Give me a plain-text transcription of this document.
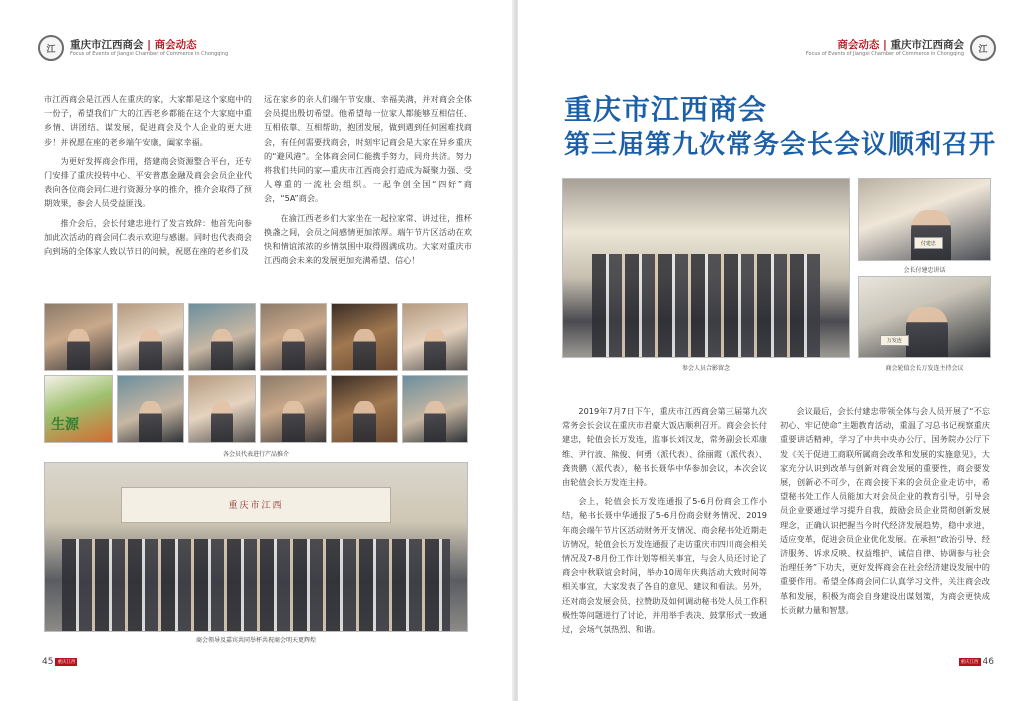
江	重庆市江西商会 | 商会动态
Focus of Events of Jiangxi Chamber of Commerce in Chongqing

市江西商会是江西人在重庆的家，大家都是这个家庭中的一份子，希望我们广大的江西老乡都能在这个大家庭中重乡情、讲团结、谋发展，促进商会及个人企业的更大进步！并祝愿在座的老乡端午安康，阖家幸福。

为更好发挥商会作用，搭建商会资源整合平台，还专门安排了重庆投转中心、平安普惠金融及商会会员企业代表向各位商会同仁进行资源分享的推介，推介会取得了预期效果，参会人员受益匪浅。

推介会后，会长付建忠进行了发言致辞：他首先向参加此次活动的商会同仁表示欢迎与感谢。同时也代表商会向到场的全体家人致以节日的问候，祝愿在座的老乡们及

远在家乡的亲人们端午节安康、幸福美满，并对商会全体会员提出殷切希望。他希望每一位家人都能够互相信任、互相依靠、互相帮助，抱团发展，做到遇到任何困难找商会，有任何需要找商会，时刻牢记商会是大家在异乡重庆的“避风港”。全体商会同仁能携手努力，同舟共济。努力将我们共同的家—重庆市江西商会打造成为凝聚力强、受人尊重的一流社会组织。一起争创全国“四好”商会，“5A”商会。

在渝江西老乡们大家坐在一起拉家常、讲过往，推杯换盏之间，会员之间感情更加浓厚。端午节片区活动在欢快和情谊浓浓的乡情氛围中取得圆满成功。大家对重庆市江西商会未来的发展更加充满希望、信心！

生源
各会员代表进行产品推介
重庆市江西
商会领导及嘉宾共同举杯共祝商会明天更辉煌
45 重庆江西
江
商会动态 | 重庆市江西商会
Focus of Events of Jiangxi Chamber of Commerce in Chongqing
重庆市江西商会
第三届第九次常务会长会议顺利召开
参会人员合影留念
付建忠
会长付建忠讲话
万发连
商会轮值会长万发连主持会议

2019年7月7日下午，重庆市江西商会第三届第九次常务会长会议在重庆市君豪大饭店顺利召开。商会会长付建忠，轮值会长万发连，监事长刘汉龙，常务副会长邓康维、尹行波、熊俊、何勇（派代表）、徐丽霞（派代表）、龚贵鹏（派代表），秘书长聂华中华参加会议，本次会议由轮值会长万发连主持。

会上，轮值会长万发连通报了5-6月份商会工作小结，秘书长聂中华通报了5-6月份商会财务情况、2019年商会端午节片区活动财务开支情况、商会秘书处近期走访情况，轮值会长万发连通报了走访重庆市四川商会相关情况及7-8月份工作计划等相关事宜，与会人员还讨论了商会中秋联谊会时间，举办10周年庆典活动大致时间等相关事宜，大家发表了各自的意见、建议和看法。另外，还对商会发展会员、拉赞助及如何调动秘书处人员工作积极性等问题进行了讨论，并用举手表决、鼓掌形式一致通过，会场气氛热烈、和谐。

会议最后，会长付建忠带领全体与会人员开展了“不忘初心、牢记使命”主题教育活动，重温了习总书记视察重庆重要讲话精神，学习了中共中央办公厅、国务院办公厅下发《关于促进工商联所属商会改革和发展的实施意见》，大家充分认识到改革与创新对商会发展的重要性，商会要发展，创新必不可少，在商会接下来的会员企业走访中，希望秘书处工作人员能加大对会员企业的教育引导，引导会员企业要通过学习提升自我，鼓励会员企业贯彻创新发展理念，正确认识把握当今时代经济发展趋势，稳中求进，适应变革，促进会员企业优化发展。在承担“政治引导、经济服务、诉求反映、权益维护、诚信自律、协调参与社会治理任务”下功夫，更好发挥商会在社会经济建设发展中的重要作用。希望全体商会同仁认真学习文件，关注商会改革和发展，积极为商会自身建设出谋划策，为商会更快成长贡献力量和智慧。

46
重庆江西
